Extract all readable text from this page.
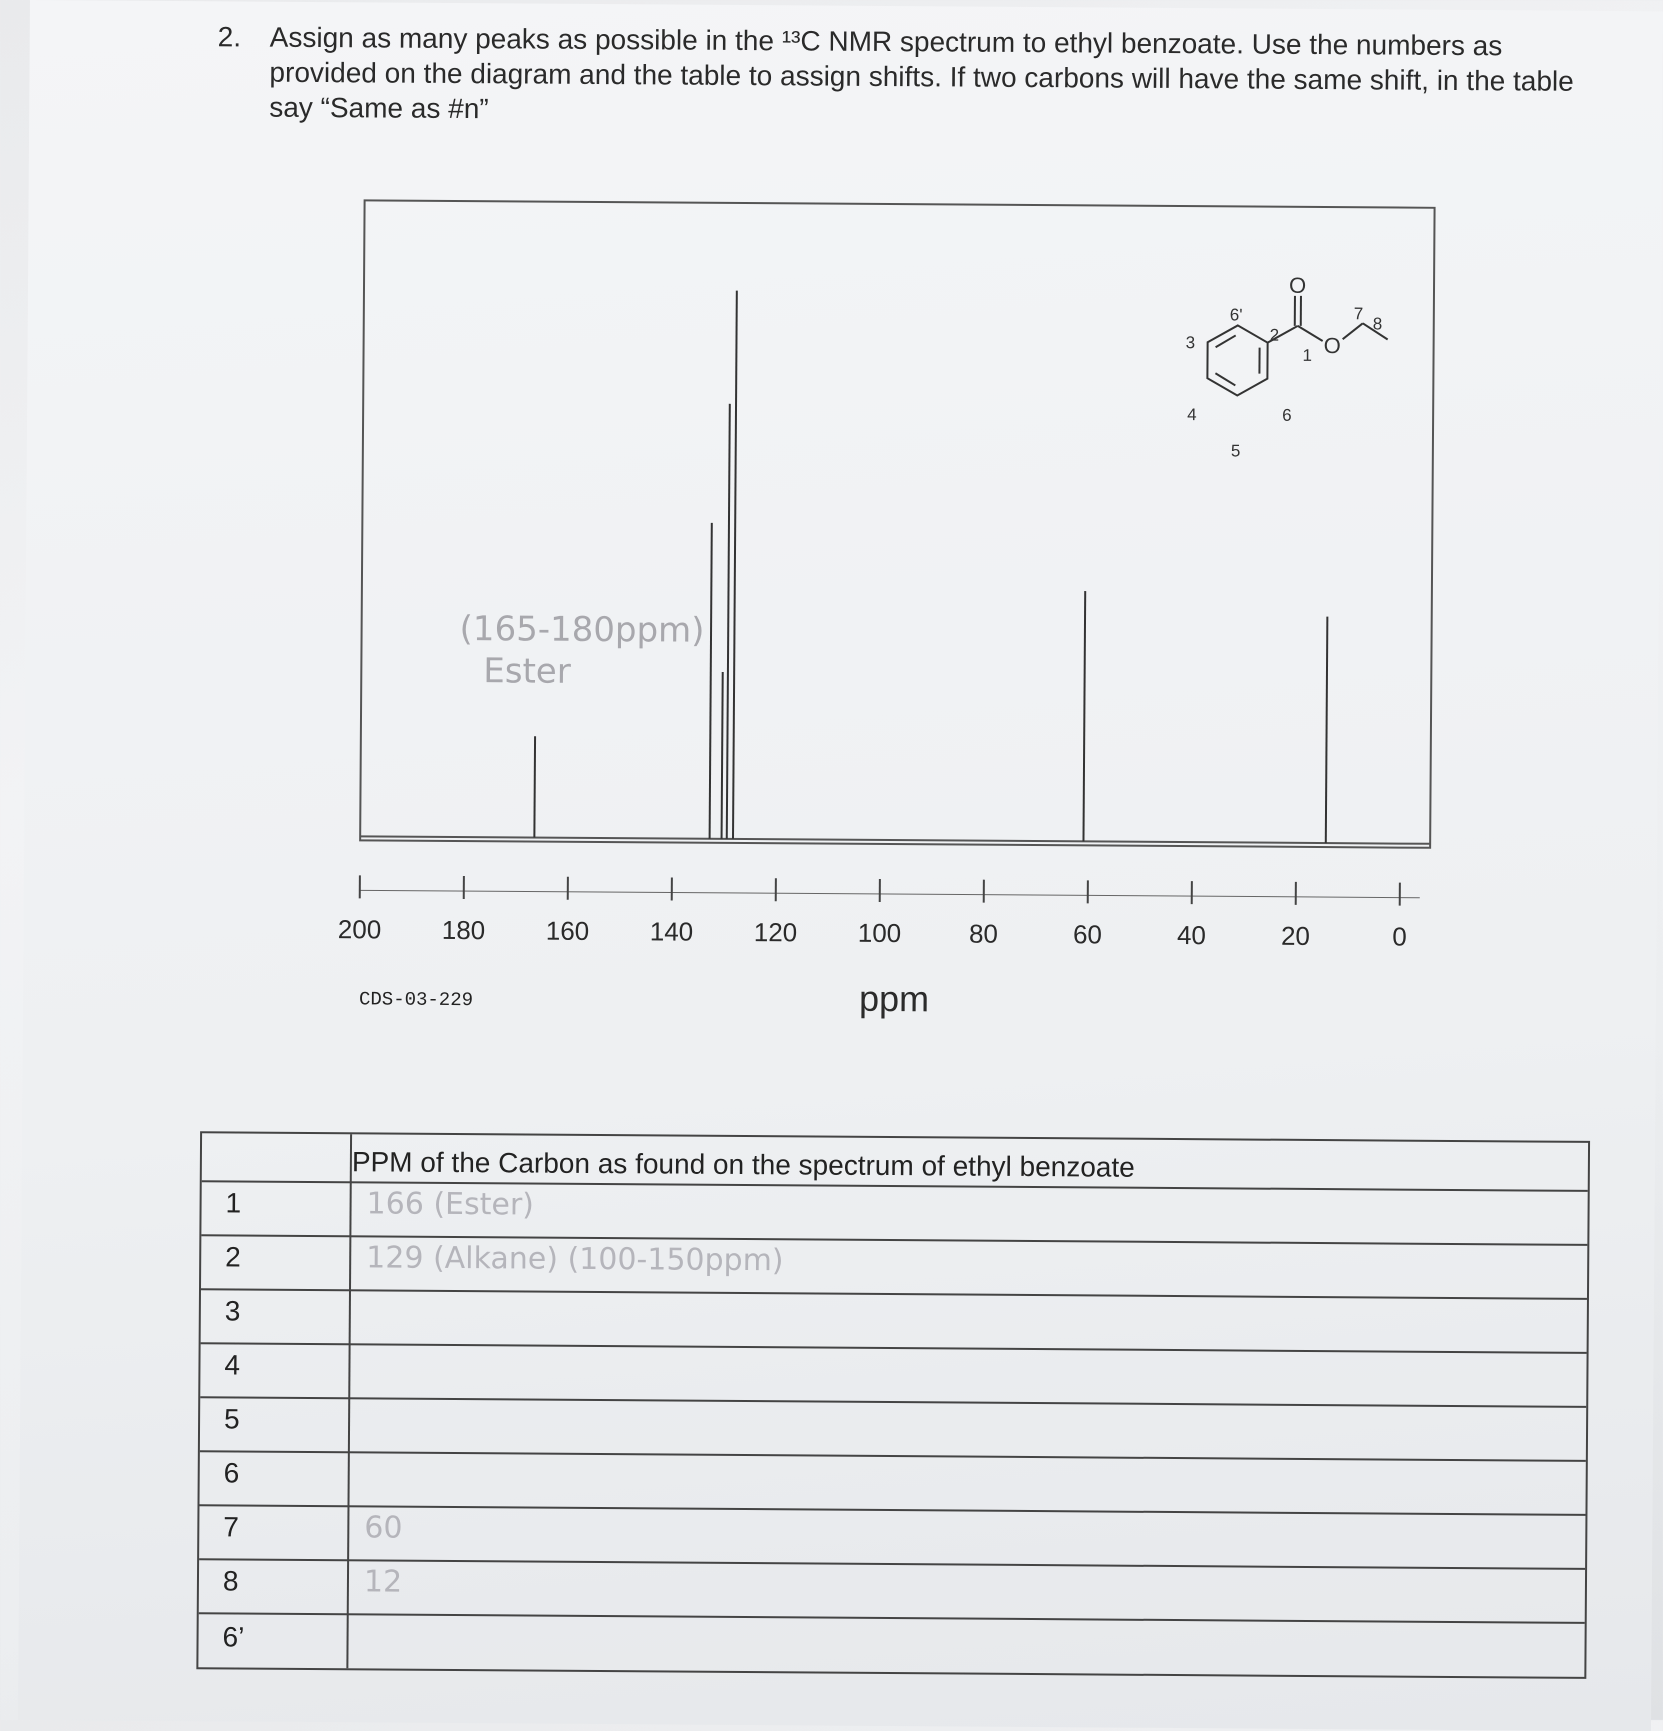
2. Assign as many peaks as possible in the ¹³C NMR spectrum to ethyl benzoate. Use the numbers as provided on the diagram and the table to assign shifts. If two carbons will have the same shift, in the table say “Same as #n”
200 180 160 140 120 100	80	60	40	20	0
(165-180ppm)
Ester
CDS-03-229	ppm
3
6'
2
O
1 O
7
8
4	6
5
PPM of the Carbon as found on the spectrum of ethyl benzoate
1	166 (Ester)
2	129 (Alkane) (100-150ppm)
3
4
5
6
7	60
8	12
6’
